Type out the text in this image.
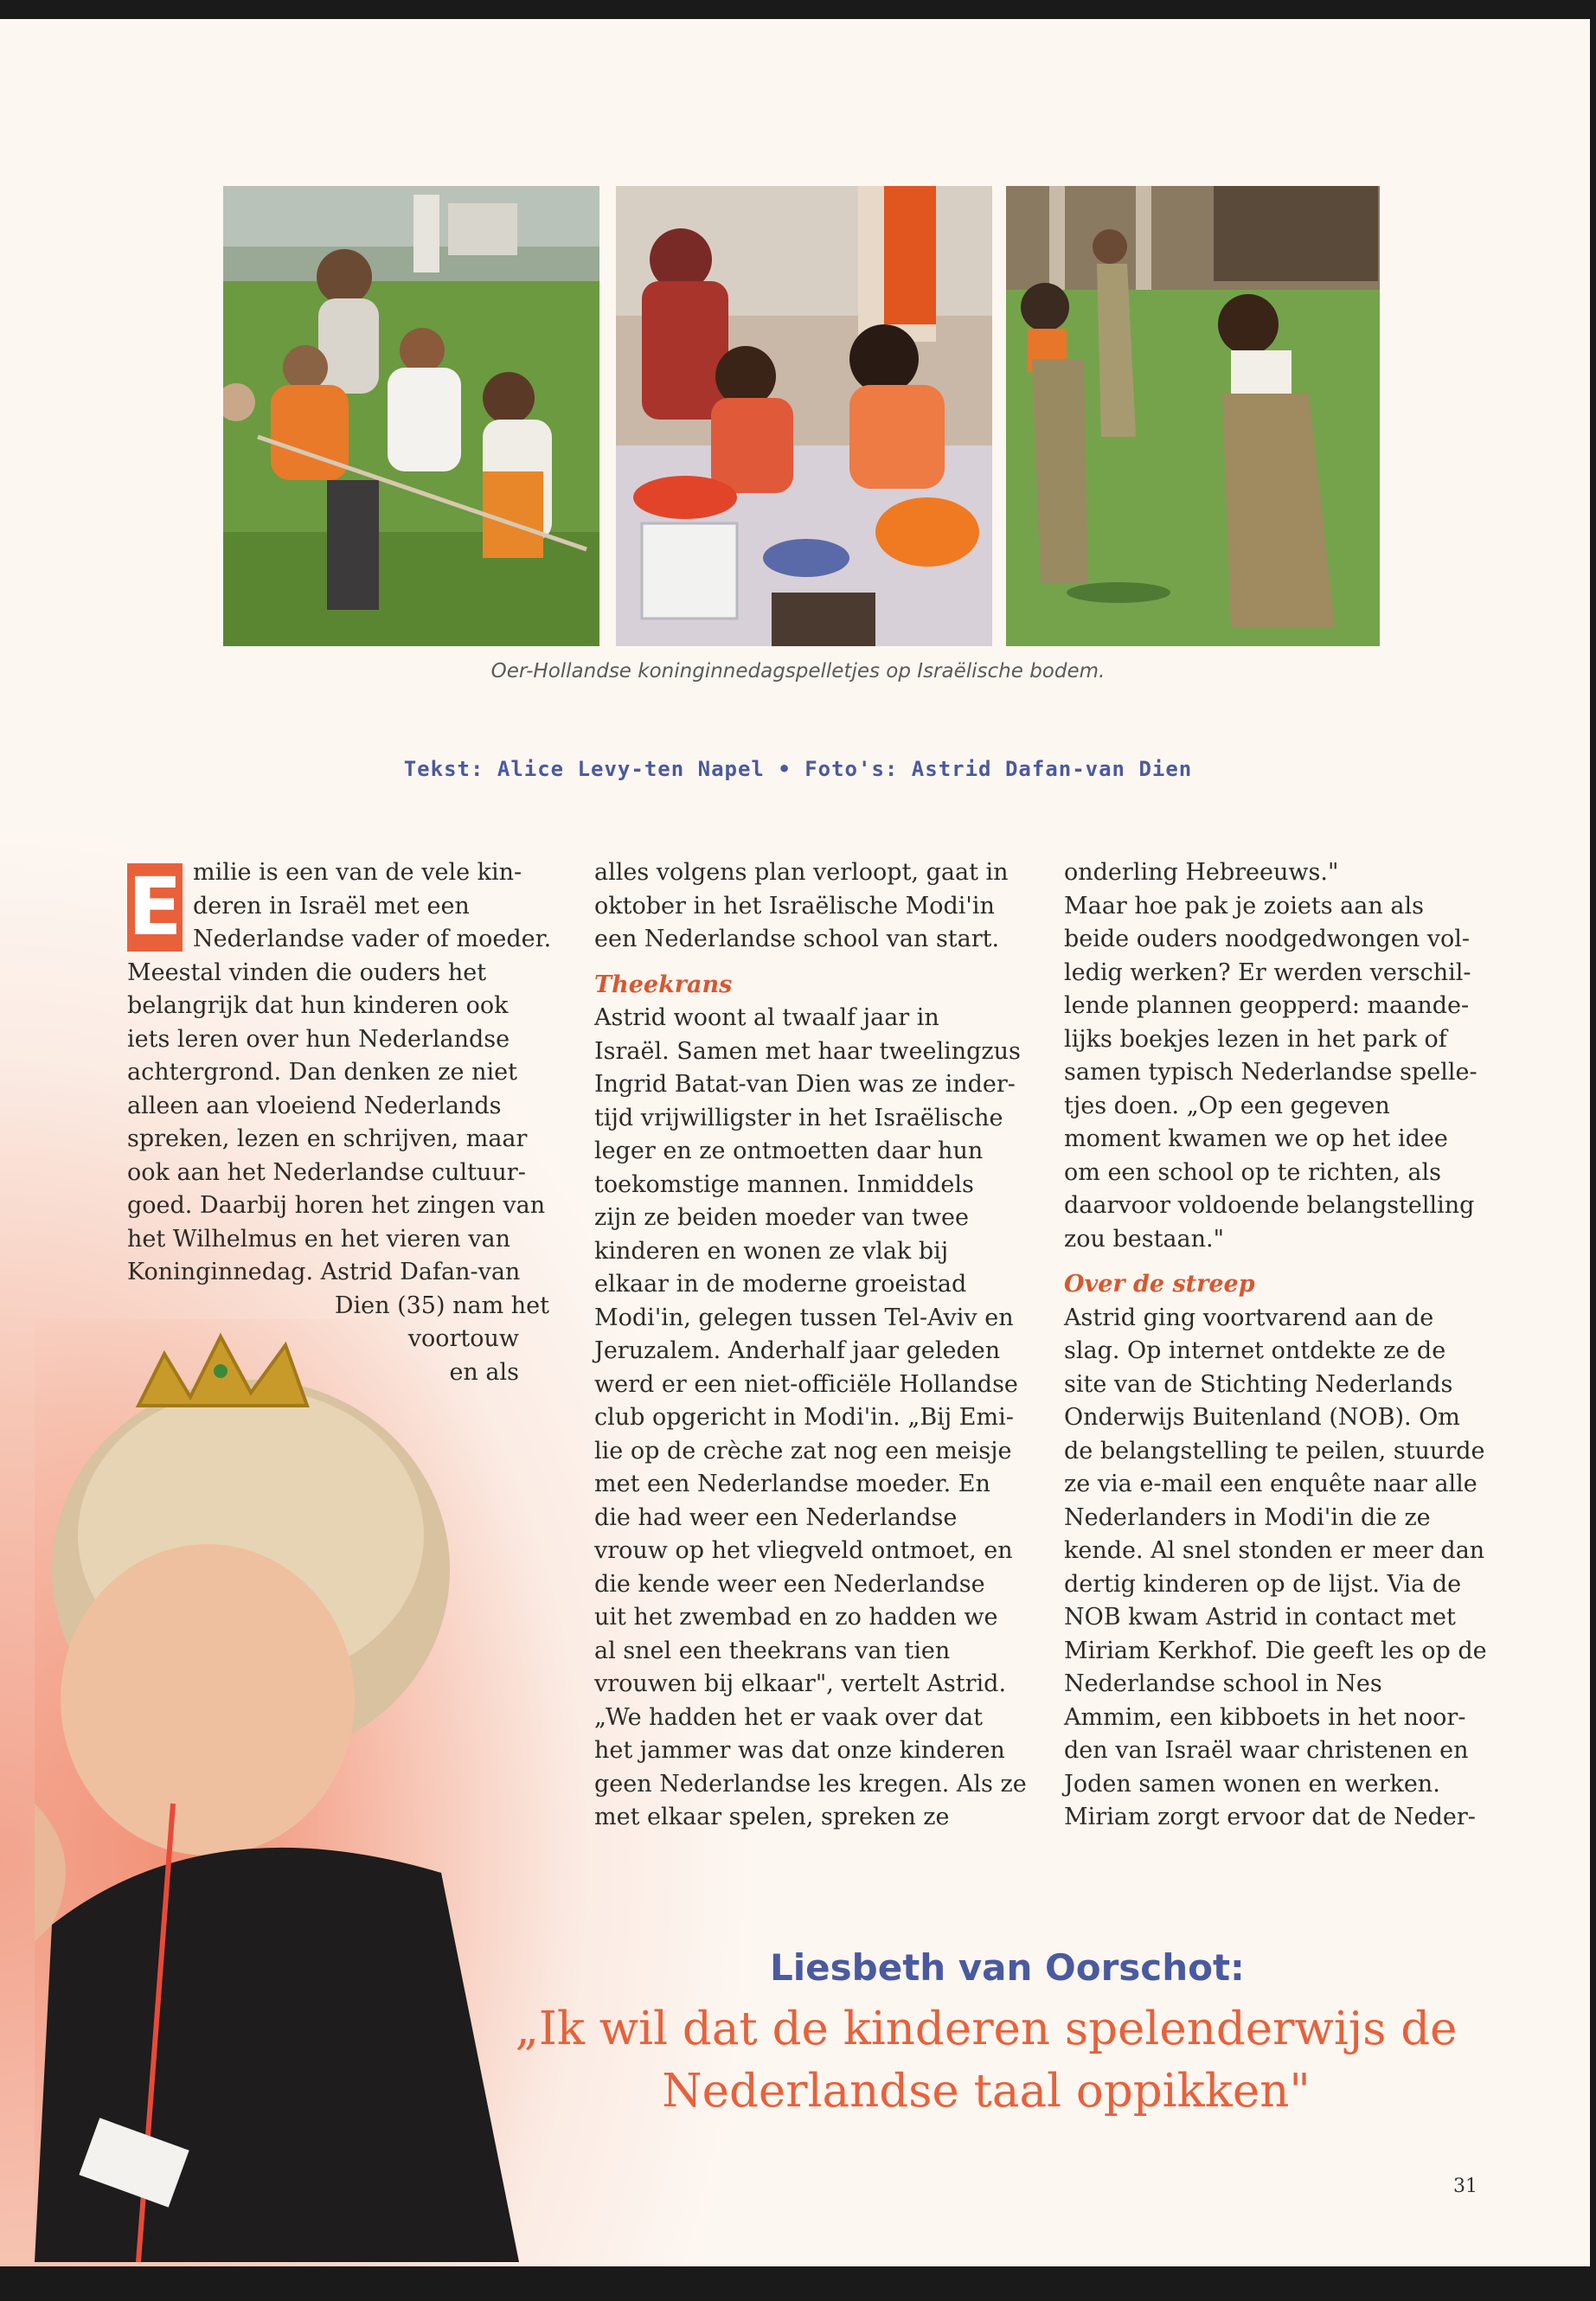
Oer-Hollandse koninginnedagspelletjes op Israëlische bodem.
Tekst: Alice Levy-ten Napel • Foto's: Astrid Dafan-van Dien
E milie is een van de vele kin-
deren in Israël met een
Nederlandse vader of moeder.
Meestal vinden die ouders het
belangrijk dat hun kinderen ook
iets leren over hun Nederlandse
achtergrond. Dan denken ze niet
alleen aan vloeiend Nederlands
spreken, lezen en schrijven, maar
ook aan het Nederlandse cultuur-
goed. Daarbij horen het zingen van
het Wilhelmus en het vieren van
Koninginnedag. Astrid Dafan-van
Dien (35) nam het
voortouw
en als
alles volgens plan verloopt, gaat in
oktober in het Israëlische Modi'in
een Nederlandse school van start.

Theekrans

Astrid woont al twaalf jaar in
Israël. Samen met haar tweelingzus
Ingrid Batat-van Dien was ze inder-
tijd vrijwilligster in het Israëlische
leger en ze ontmoetten daar hun
toekomstige mannen. Inmiddels
zijn ze beiden moeder van twee
kinderen en wonen ze vlak bij
elkaar in de moderne groeistad
Modi'in, gelegen tussen Tel-Aviv en
Jeruzalem. Anderhalf jaar geleden
werd er een niet-officiële Hollandse
club opgericht in Modi'in. „Bij Emi-
lie op de crèche zat nog een meisje
met een Nederlandse moeder. En
die had weer een Nederlandse
vrouw op het vliegveld ontmoet, en
die kende weer een Nederlandse
uit het zwembad en zo hadden we
al snel een theekrans van tien
vrouwen bij elkaar", vertelt Astrid.
„We hadden het er vaak over dat
het jammer was dat onze kinderen
geen Nederlandse les kregen. Als ze
met elkaar spelen, spreken ze
onderling Hebreeuws."
Maar hoe pak je zoiets aan als
beide ouders noodgedwongen vol-
ledig werken? Er werden verschil-
lende plannen geopperd: maande-
lijks boekjes lezen in het park of
samen typisch Nederlandse spelle-
tjes doen. „Op een gegeven
moment kwamen we op het idee
om een school op te richten, als
daarvoor voldoende belangstelling
zou bestaan."

Over de streep

Astrid ging voortvarend aan de
slag. Op internet ontdekte ze de
site van de Stichting Nederlands
Onderwijs Buitenland (NOB). Om
de belangstelling te peilen, stuurde
ze via e-mail een enquête naar alle
Nederlanders in Modi'in die ze
kende. Al snel stonden er meer dan
dertig kinderen op de lijst. Via de
NOB kwam Astrid in contact met
Miriam Kerkhof. Die geeft les op de
Nederlandse school in Nes
Ammim, een kibboets in het noor-
den van Israël waar christenen en
Joden samen wonen en werken.
Miriam zorgt ervoor dat de Neder-
Liesbeth van Oorschot:
„Ik wil dat de kinderen spelenderwijs de
Nederlandse taal oppikken"
31
